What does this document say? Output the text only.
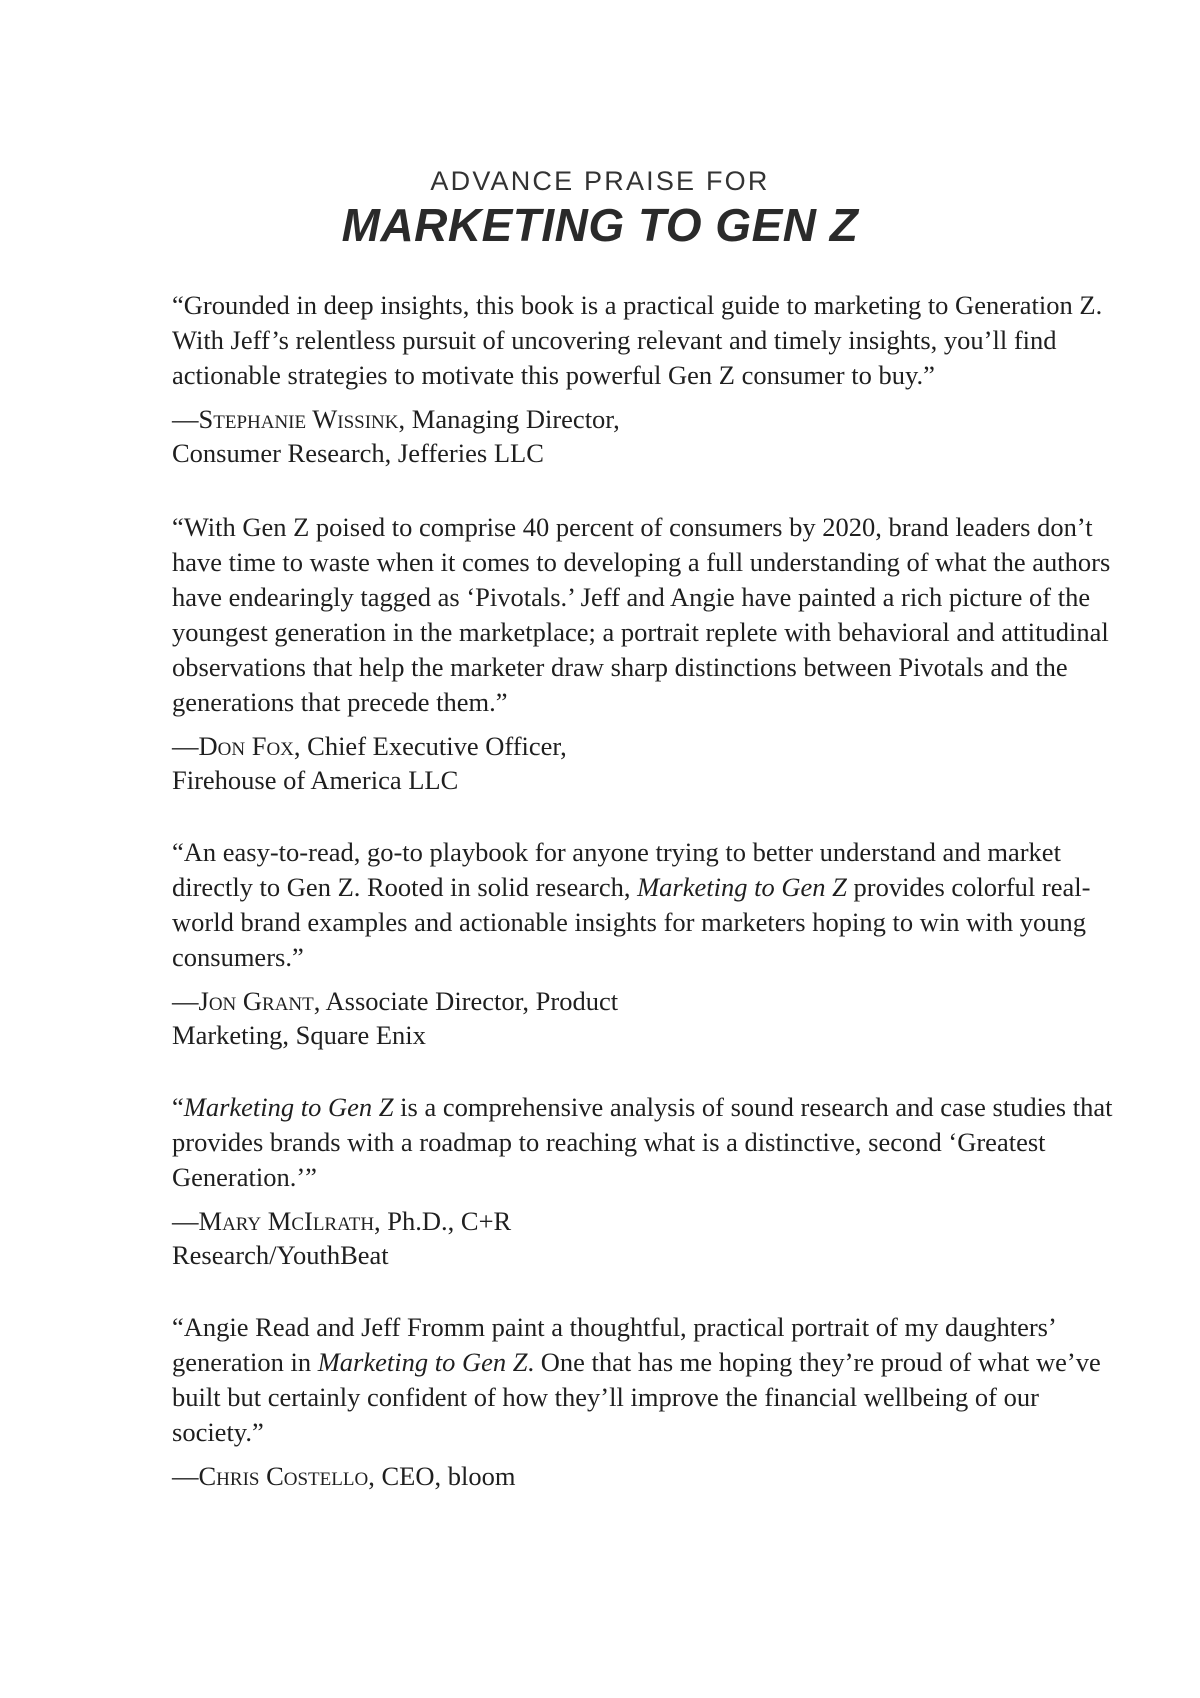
ADVANCE PRAISE FOR
MARKETING TO GEN Z

“Grounded in deep insights, this book is a practical guide to marketing to Generation Z. With Jeff’s relentless pursuit of uncovering relevant and timely insights, you’ll find actionable strategies to motivate this powerful Gen Z consumer to buy.”

—Stephanie Wissink, Managing Director,
Consumer Research, Jefferies LLC

“With Gen Z poised to comprise 40 percent of consumers by 2020, brand leaders don’t have time to waste when it comes to developing a full understanding of what the authors have endearingly tagged as ‘Pivotals.’ Jeff and Angie have painted a rich picture of the youngest generation in the marketplace; a portrait replete with behavioral and attitudinal observations that help the marketer draw sharp distinctions between Pivotals and the generations that precede them.”

—Don Fox, Chief Executive Officer,
Firehouse of America LLC

“An easy-to-read, go-to playbook for anyone trying to better understand and market directly to Gen Z. Rooted in solid research, Marketing to Gen Z provides colorful real-world brand examples and actionable insights for marketers hoping to win with young consumers.”

—Jon Grant, Associate Director, Product
Marketing, Square Enix

“Marketing to Gen Z is a comprehensive analysis of sound research and case studies that provides brands with a roadmap to reaching what is a distinctive, second ‘Greatest Generation.’”

—Mary McIlrath, Ph.D., C+R
Research/YouthBeat

“Angie Read and Jeff Fromm paint a thoughtful, practical portrait of my daughters’ generation in Marketing to Gen Z. One that has me hoping they’re proud of what we’ve built but certainly confident of how they’ll improve the financial wellbeing of our society.”

—Chris Costello, CEO, bloom
